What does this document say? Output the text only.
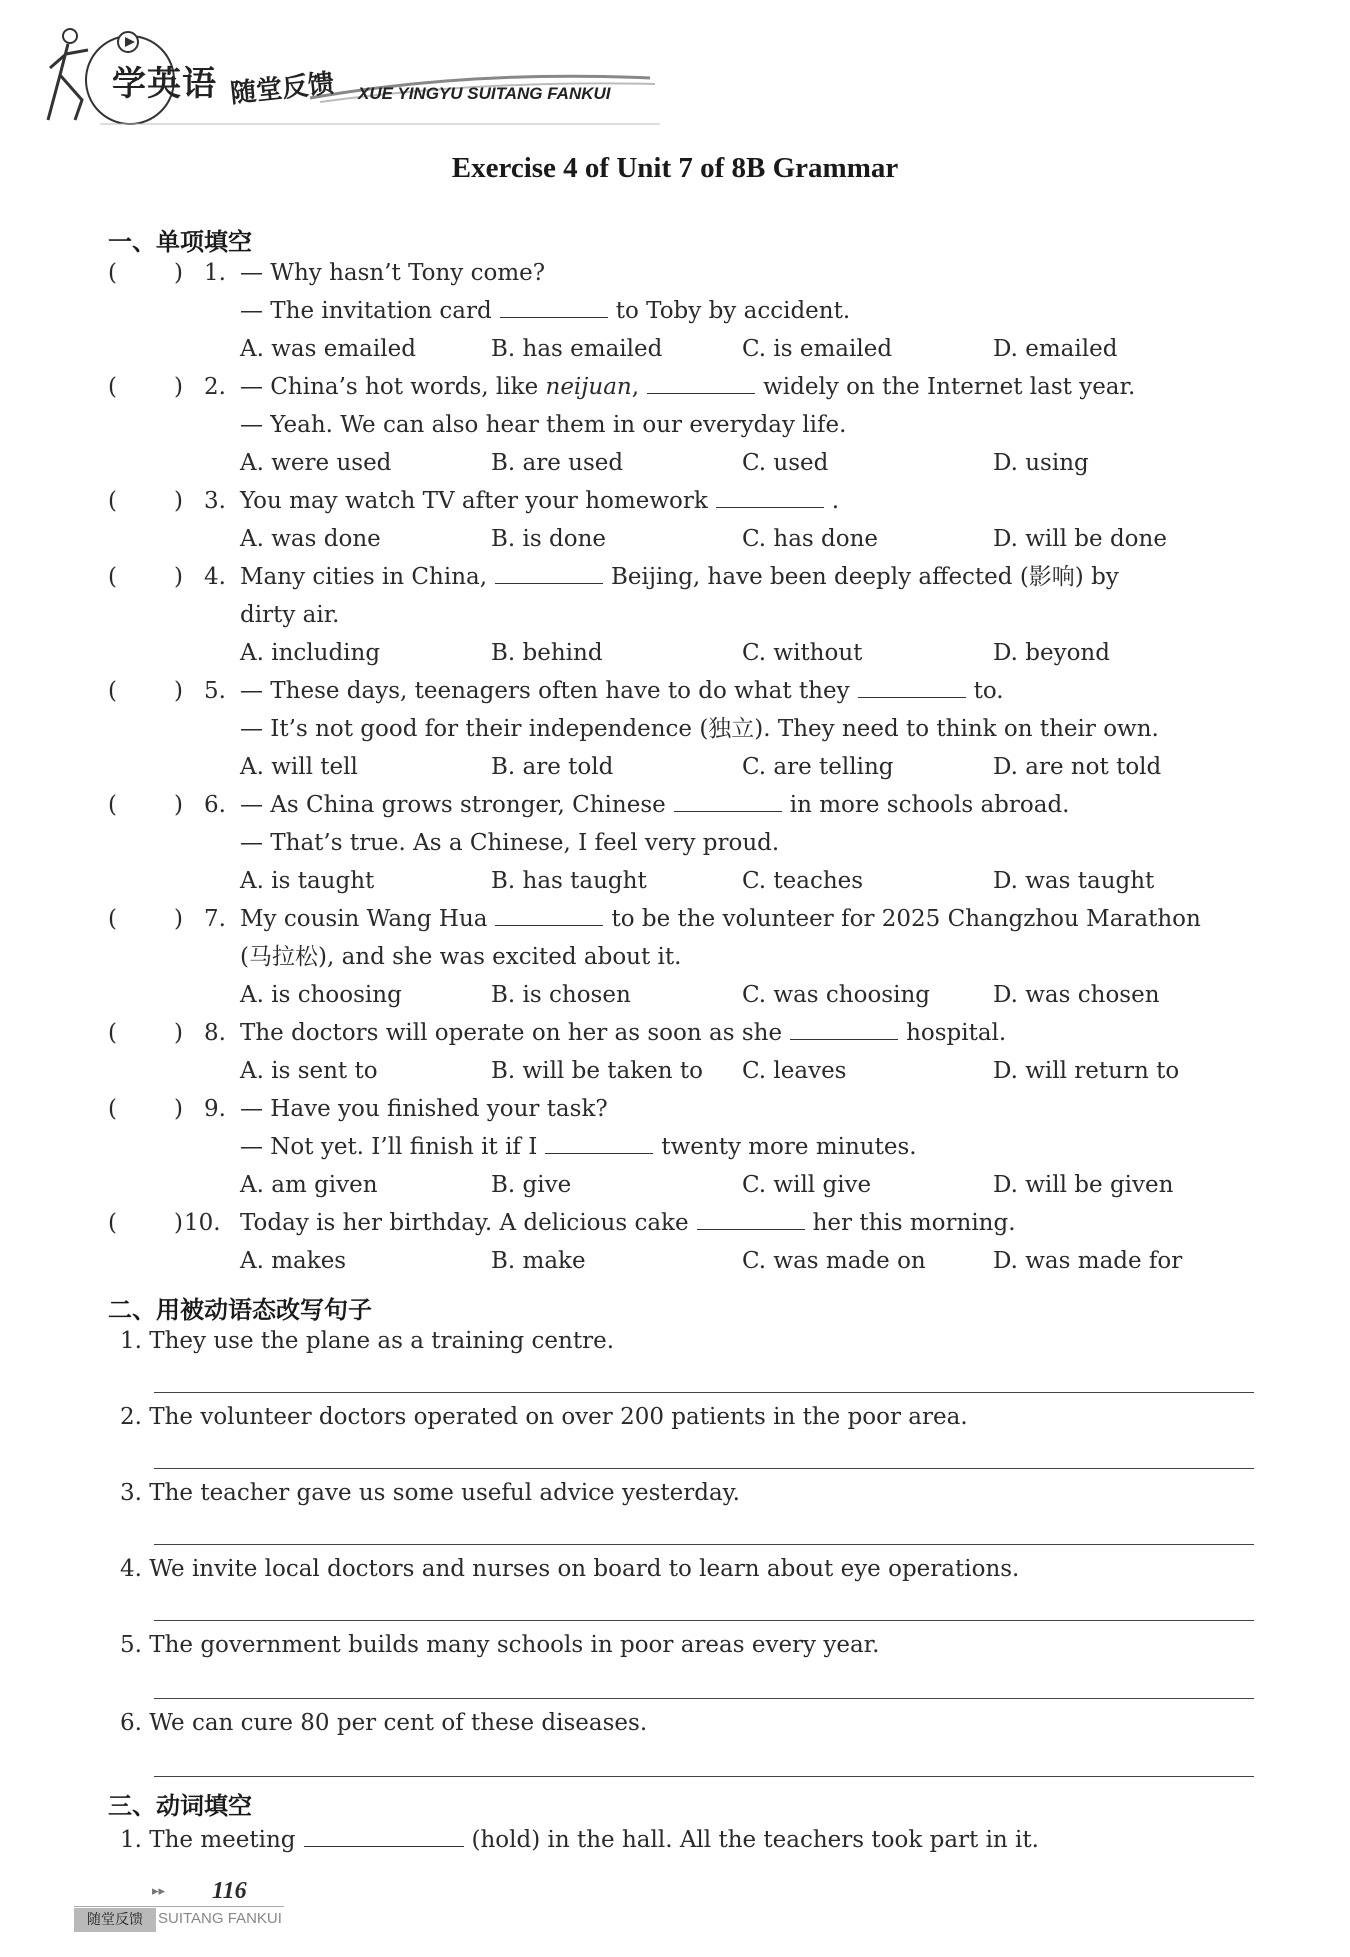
学英语 随堂反馈 XUE YINGYU SUITANG FANKUI
Exercise 4 of Unit 7 of 8B Grammar
一、单项填空
( ) 1. — Why hasn’t Tony come?
— The invitation card	to Toby by accident.
A. was emailed	B. has emailed	C. is emailed	D. emailed
( ) 2. — China’s hot words, like neijuan,	widely on the Internet last year.
— Yeah. We can also hear them in our everyday life.
A. were used	B. are used	C. used	D. using
( ) 3. You may watch TV after your homework	.
A. was done	B. is done	C. has done	D. will be done
( ) 4. Many cities in China,	Beijing, have been deeply affected (影响) by
dirty air.
A. including	B. behind	C. without	D. beyond
( ) 5. — These days, teenagers often have to do what they	to.
— It’s not good for their independence (独立). They need to think on their own.
A. will tell	B. are told	C. are telling	D. are not told
( ) 6. — As China grows stronger, Chinese	in more schools abroad.
— That’s true. As a Chinese, I feel very proud.
A. is taught	B. has taught	C. teaches	D. was taught
( ) 7. My cousin Wang Hua	to be the volunteer for 2025 Changzhou Marathon
(马拉松), and she was excited about it.
A. is choosing	B. is chosen	C. was choosing	D. was chosen
( ) 8. The doctors will operate on her as soon as she	hospital.
A. is sent to	B. will be taken to C. leaves	D. will return to
( ) 9. — Have you finished your task?
— Not yet. I’ll finish it if I	twenty more minutes.
A. am given	B. give	C. will give	D. will be given
( ) 10. Today is her birthday. A delicious cake	her this morning.
A. makes	B. make	C. was made on	D. was made for
二、用被动语态改写句子
1. They use the plane as a training centre.
2. The volunteer doctors operated on over 200 patients in the poor area.
3. The teacher gave us some useful advice yesterday.
4. We invite local doctors and nurses on board to learn about eye operations.
5. The government builds many schools in poor areas every year.
6. We can cure 80 per cent of these diseases.
三、动词填空
1. The meeting	(hold) in the hall. All the teachers took part in it.
▸▸ 116
随堂反馈	SUITANG FANKUI
